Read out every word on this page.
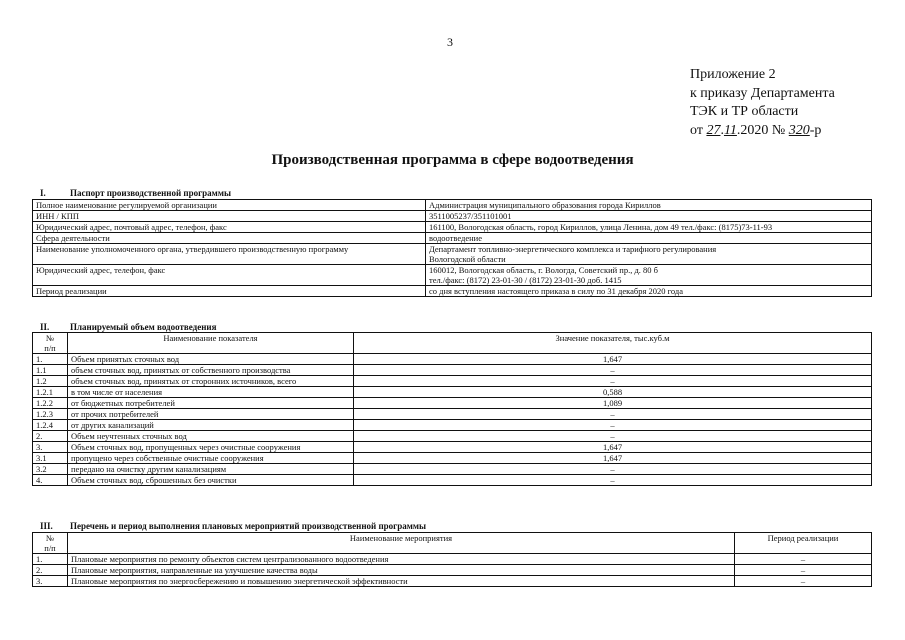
3
Приложение 2
к приказу Департамента
ТЭК и ТР области
от 27.11.2020 № 320-р
Производственная программа в сфере водоотведения
I.	Паспорт производственной программы
Полное наименование регулируемой организации	Администрация муниципального образования города Кириллов
ИНН / КПП	3511005237/351101001
Юридический адрес, почтовый адрес, телефон, факс	161100, Вологодская область, город Кириллов, улица Ленина, дом 49 тел./факс: (8175)73-11-93
Сфера деятельности	водоотведение
Наименование уполномоченного органа, утвердившего производственную программу	Департамент топливно-энергетического комплекса и тарифного регулирования
Вологодской области
Юридический адрес, телефон, факс	160012, Вологодская область, г. Вологда, Советский пр., д. 80 б
тел./факс: (8172) 23-01-30 / (8172) 23-01-30 доб. 1415
Период реализации	со дня вступления настоящего приказа в силу по 31 декабря 2020 года
II. Планируемый объем водоотведения
№
п/п	Наименование показателя	Значение показателя, тыс.куб.м
1.	Объем принятых сточных вод	1,647
1.1	объем сточных вод, принятых от собственного производства	–
1.2	объем сточных вод, принятых от сторонних источников, всего	–
1.2.1	в том числе от населения	0,588
1.2.2	от бюджетных потребителей	1,089
1.2.3	от прочих потребителей	–
1.2.4	от других канализаций	–
2.	Объем неучтенных сточных вод	–
3.	Объем сточных вод, пропущенных через очистные сооружения	1,647
3.1	пропущено через собственные очистные сооружения	1,647
3.2	передано на очистку другим канализациям	–
4.	Объем сточных вод, сброшенных без очистки	–
III. Перечень и период выполнения плановых мероприятий производственной программы
№
п/п	Наименование мероприятия	Период реализации
1.	Плановые мероприятия по ремонту объектов систем централизованного водоотведения	–
2.	Плановые мероприятия, направленные на улучшение качества воды	–
3.	Плановые мероприятия по энергосбережению и повышению энергетической эффективности	–
